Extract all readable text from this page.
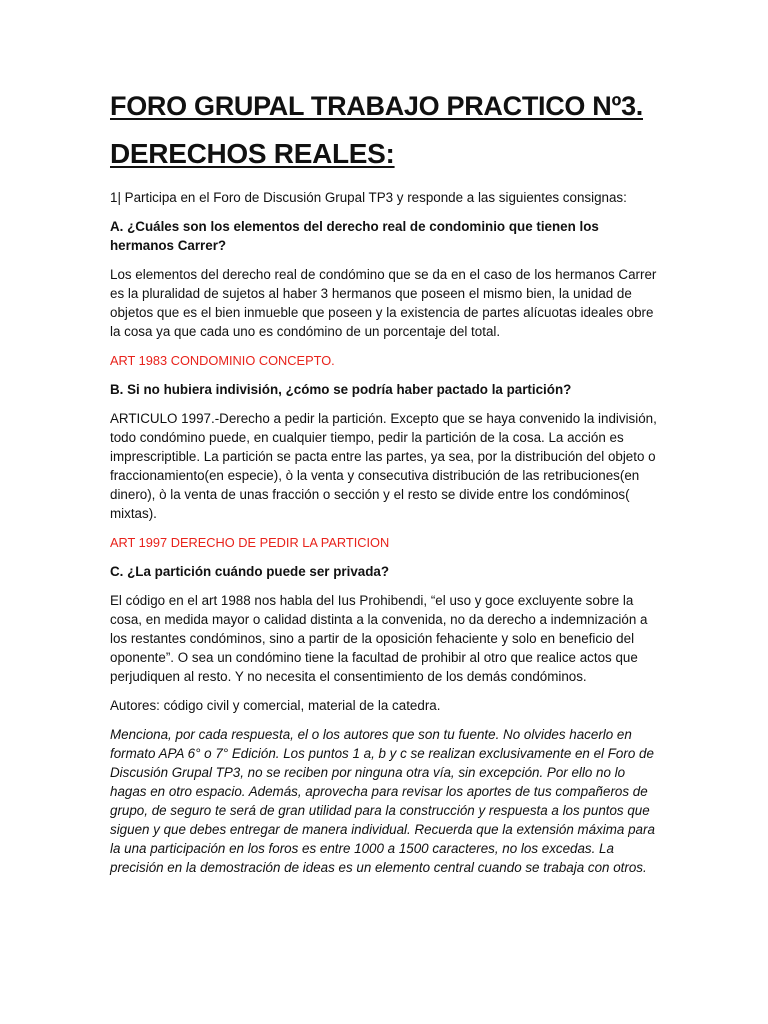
FORO GRUPAL TRABAJO PRACTICO Nº3.
DERECHOS REALES:

1| Participa en el Foro de Discusión Grupal TP3 y responde a las siguientes consignas:

A. ¿Cuáles son los elementos del derecho real de condominio que tienen los hermanos Carrer?

Los elementos del derecho real de condómino que se da en el caso de los hermanos Carrer es la pluralidad de sujetos al haber 3 hermanos que poseen el mismo bien, la unidad de objetos que es el bien inmueble que poseen y la existencia de partes alícuotas ideales obre la cosa ya que cada uno es condómino de un porcentaje del total.

ART 1983 CONDOMINIO CONCEPTO.

B. Si no hubiera indivisión, ¿cómo se podría haber pactado la partición?

ARTICULO 1997.-Derecho a pedir la partición. Excepto que se haya convenido la indivisión, todo condómino puede, en cualquier tiempo, pedir la partición de la cosa. La acción es imprescriptible. La partición se pacta entre las partes, ya sea, por la distribución del objeto o fraccionamiento(en especie), ò la venta y consecutiva distribución de las retribuciones(en dinero), ò la venta de unas fracción o sección y el resto se divide entre los condóminos( mixtas).

ART 1997 DERECHO DE PEDIR LA PARTICION

C. ¿La partición cuándo puede ser privada?

El código en el art 1988 nos habla del Ius Prohibendi, “el uso y goce excluyente sobre la cosa, en medida mayor o calidad distinta a la convenida, no da derecho a indemnización a los restantes condóminos, sino a partir de la oposición fehaciente y solo en beneficio del oponente”. O sea un condómino tiene la facultad de prohibir al otro que realice actos que perjudiquen al resto. Y no necesita el consentimiento de los demás condóminos.

Autores: código civil y comercial, material de la catedra.

Menciona, por cada respuesta, el o los autores que son tu fuente. No olvides hacerlo en formato APA 6° o 7° Edición. Los puntos 1 a, b y c se realizan exclusivamente en el Foro de Discusión Grupal TP3, no se reciben por ninguna otra vía, sin excepción. Por ello no lo hagas en otro espacio. Además, aprovecha para revisar los aportes de tus compañeros de grupo, de seguro te será de gran utilidad para la construcción y respuesta a los puntos que siguen y que debes entregar de manera individual. Recuerda que la extensión máxima para la una participación en los foros es entre 1000 a 1500 caracteres, no los excedas. La precisión en la demostración de ideas es un elemento central cuando se trabaja con otros.
